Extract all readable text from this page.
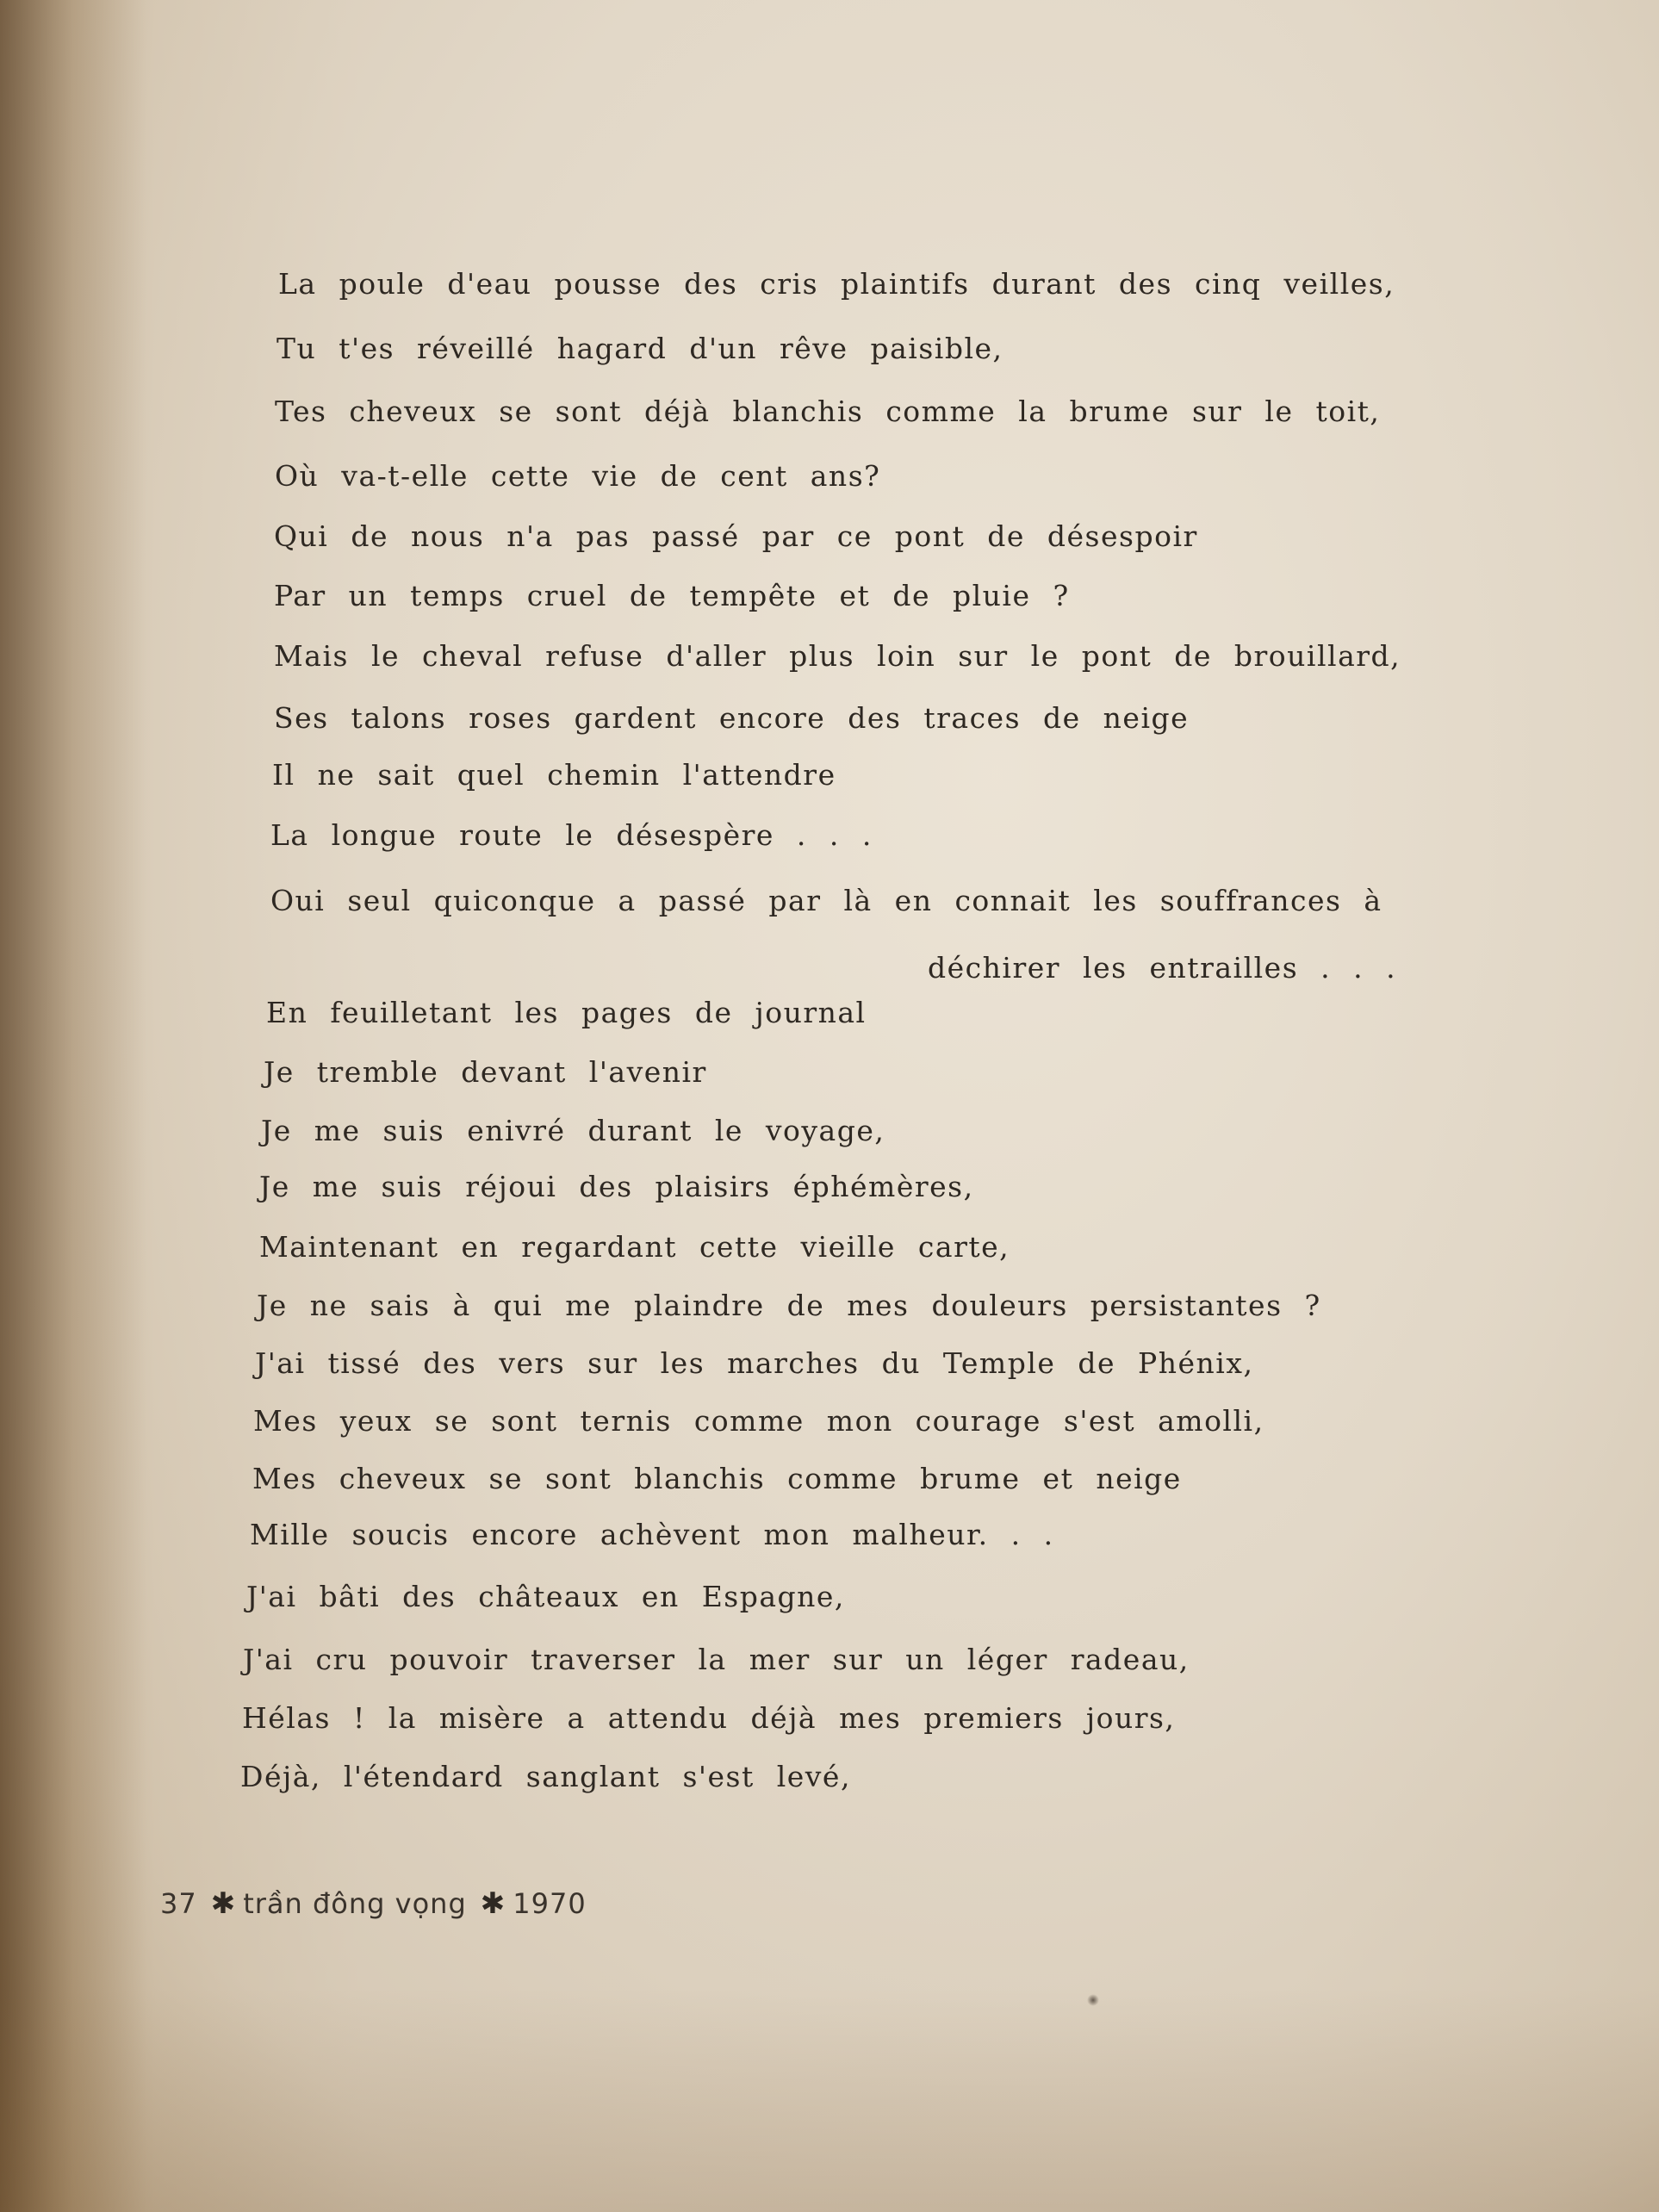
La poule d'eau pousse des cris plaintifs durant des cinq veilles,
Tu t'es réveillé hagard d'un rêve paisible,
Tes cheveux se sont déjà blanchis comme la brume sur le toit,
Où va-t-elle cette vie de cent ans?
Qui de nous n'a pas passé par ce pont de désespoir
Par un temps cruel de tempête et de pluie ?
Mais le cheval refuse d'aller plus loin sur le pont de brouillard,
Ses talons roses gardent encore des traces de neige
Il ne sait quel chemin l'attendre
La longue route le désespère . . .
Oui seul quiconque a passé par là en connait les souffrances à
déchirer les entrailles . . .
En feuilletant les pages de journal
Je tremble devant l'avenir
Je me suis enivré durant le voyage,
Je me suis réjoui des plaisirs éphémères,
Maintenant en regardant cette vieille carte,
Je ne sais à qui me plaindre de mes douleurs persistantes ?
J'ai tissé des vers sur les marches du Temple de Phénix,
Mes yeux se sont ternis comme mon courage s'est amolli,
Mes cheveux se sont blanchis comme brume et neige
Mille soucis encore achèvent mon malheur. . .
J'ai bâti des châteaux en Espagne,
J'ai cru pouvoir traverser la mer sur un léger radeau,
Hélas ! la misère a attendu déjà mes premiers jours,
Déjà, l'étendard sanglant s'est levé,
37 ✱ trần đông vọng ✱ 1970
